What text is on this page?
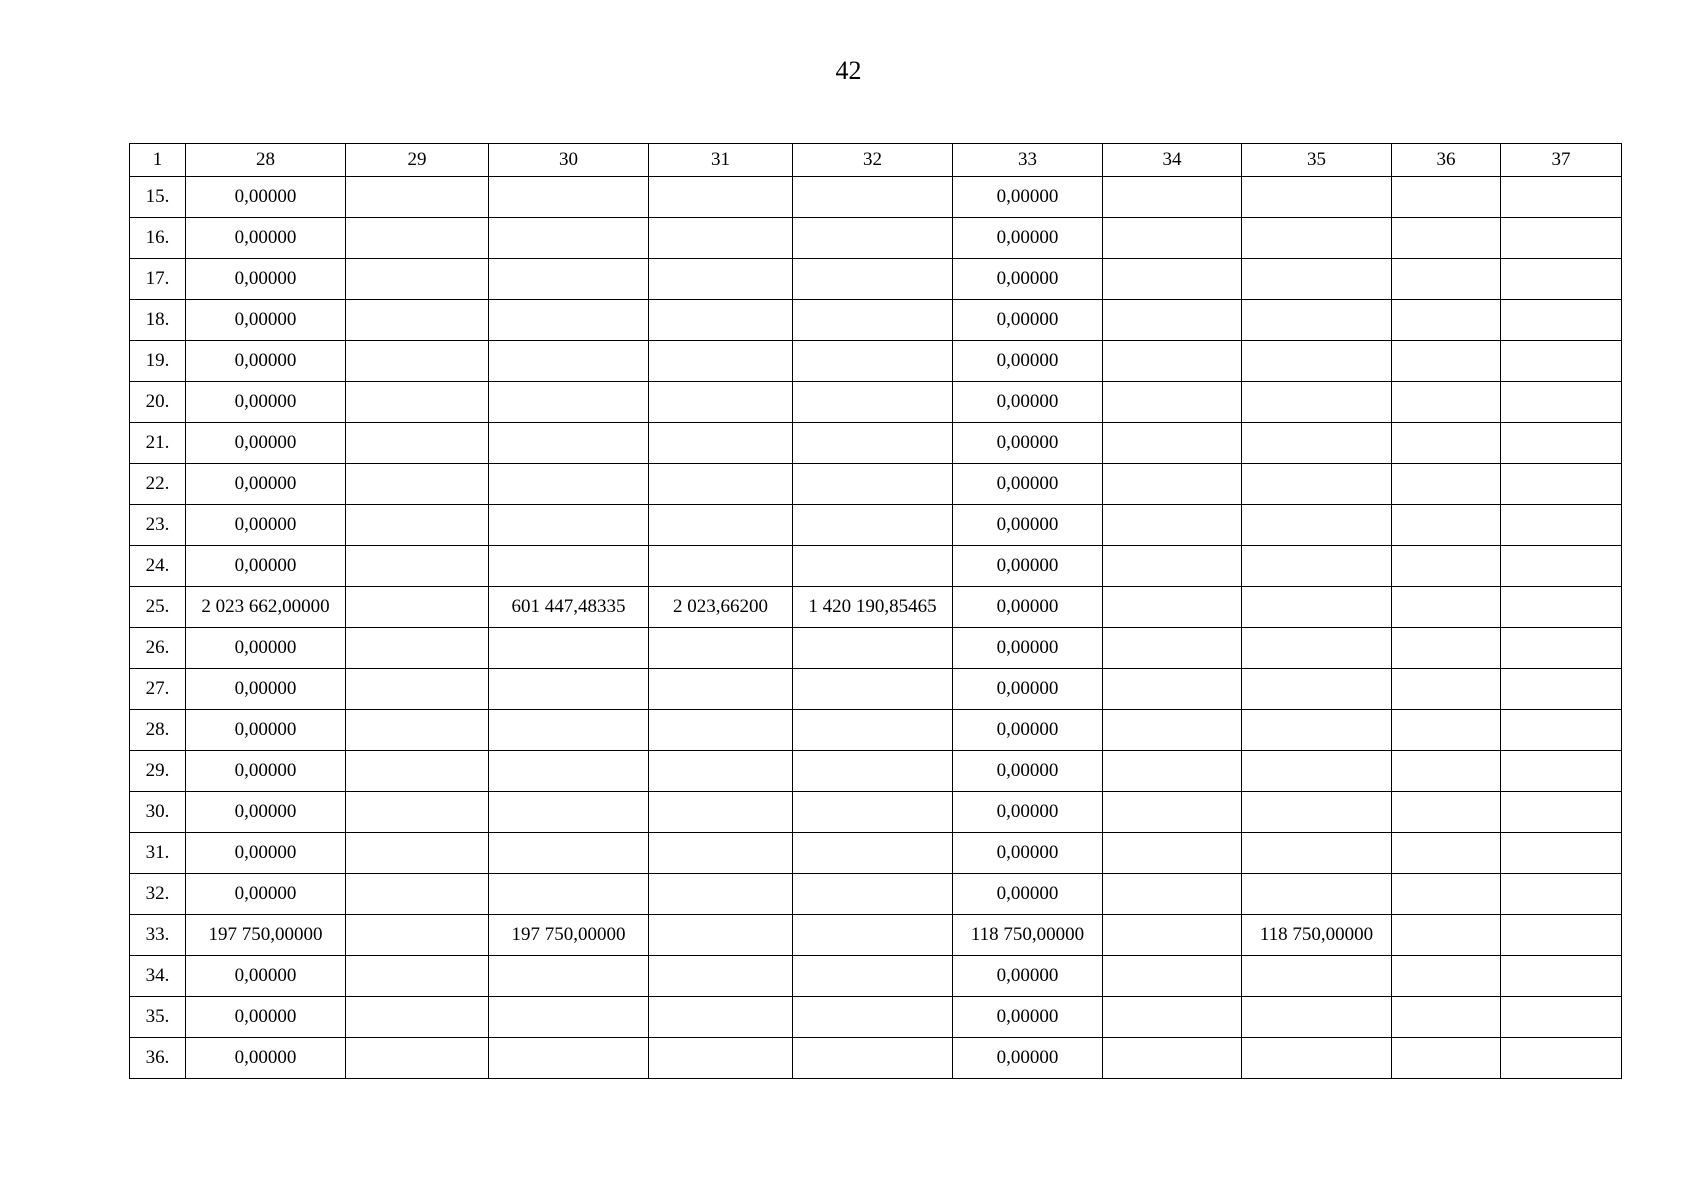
42
1	28	29	30	31	32	33	34	35	36	37
15.	0,00000					0,00000				
16.	0,00000					0,00000				
17.	0,00000					0,00000				
18.	0,00000					0,00000				
19.	0,00000					0,00000				
20.	0,00000					0,00000				
21.	0,00000					0,00000				
22.	0,00000					0,00000				
23.	0,00000					0,00000				
24.	0,00000					0,00000				
25.	2 023 662,00000		601 447,48335	2 023,66200	1 420 190,85465	0,00000				
26.	0,00000					0,00000				
27.	0,00000					0,00000				
28.	0,00000					0,00000				
29.	0,00000					0,00000				
30.	0,00000					0,00000				
31.	0,00000					0,00000				
32.	0,00000					0,00000				
33.	197 750,00000		197 750,00000			118 750,00000		118 750,00000		
34.	0,00000					0,00000				
35.	0,00000					0,00000				
36.	0,00000					0,00000				
